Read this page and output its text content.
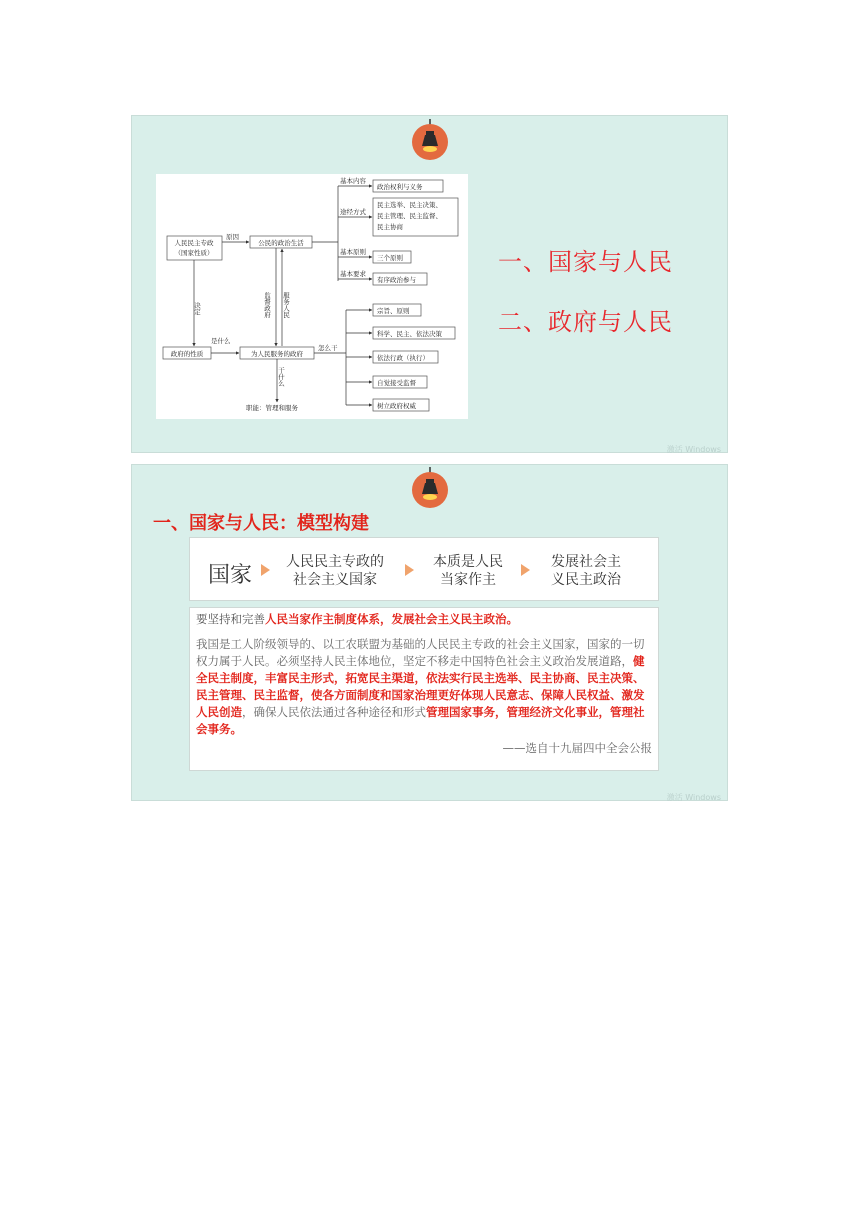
人民民主专政
（国家性质）
公民的政治生活
政府的性质	为人民服务的政府
政治权利与义务
民主选举、民主决策、
民主管理、民主监督、
民主协商
三个原则
有序政治参与
宗旨、原则
科学、民主、依法决策
依法行政（执行）
自觉接受监督
树立政府权威
基本内容
途经方式
基本原则
基本要求
原因
是什么
怎么干
职能：管理和服务
决定	监督政府 服务人民
干什么
一、国家与人民
二、政府与人民
激活 Windows
一、国家与人民：模型构建
国家
人民民主专政的
社会主义国家
本质是人民
当家作主
发展社会主
义民主政治
要坚持和完善人民当家作主制度体系，发展社会主义民主政治。
我国是工人阶级领导的、以工农联盟为基础的人民民主专政的社会主义国家，国家的一切权力属于人民。必须坚持人民主体地位，坚定不移走中国特色社会主义政治发展道路，健全民主制度，丰富民主形式，拓宽民主渠道，依法实行民主选举、民主协商、民主决策、民主管理、民主监督，使各方面制度和国家治理更好体现人民意志、保障人民权益、激发人民创造，确保人民依法通过各种途径和形式管理国家事务，管理经济文化事业，管理社会事务。
——选自十九届四中全会公报
激活 Windows
